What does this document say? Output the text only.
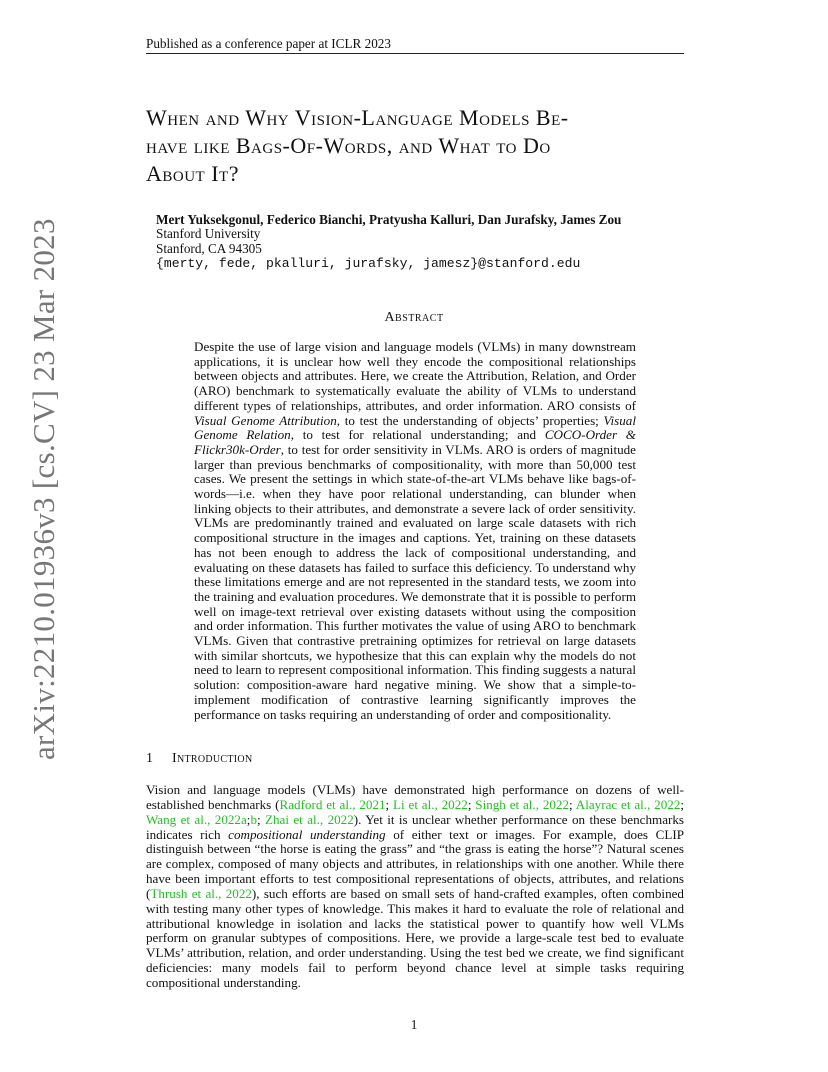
Published as a conference paper at ICLR 2023
arXiv:2210.01936v3 [cs.CV] 23 Mar 2023
When and Why Vision-Language Models Be-
have like Bags-Of-Words, and What to Do
About It?
Mert Yuksekgonul, Federico Bianchi, Pratyusha Kalluri, Dan Jurafsky, James Zou
Stanford University
Stanford, CA 94305
{merty, fede, pkalluri, jurafsky, jamesz}@stanford.edu
Abstract
Despite the use of large vision and language models (VLMs) in many downstream applications, it is unclear how well they encode the compositional relationships between objects and attributes. Here, we create the Attribution, Relation, and Order (ARO) benchmark to systematically evaluate the ability of VLMs to understand different types of relationships, attributes, and order information. ARO consists of Visual Genome Attribution, to test the understanding of objects’ properties; Visual Genome Relation, to test for relational understanding; and COCO-Order & Flickr30k-Order, to test for order sensitivity in VLMs. ARO is orders of magnitude larger than previous benchmarks of compositionality, with more than 50,000 test cases. We present the settings in which state-of-the-art VLMs behave like bags-of-words—i.e. when they have poor relational understanding, can blunder when linking objects to their attributes, and demonstrate a severe lack of order sensitivity. VLMs are predominantly trained and evaluated on large scale datasets with rich compositional structure in the images and captions. Yet, training on these datasets has not been enough to address the lack of compositional understanding, and evaluating on these datasets has failed to surface this deficiency. To understand why these limitations emerge and are not represented in the standard tests, we zoom into the training and evaluation procedures. We demonstrate that it is possible to perform well on image-text retrieval over existing datasets without using the composition and order information. This further motivates the value of using ARO to benchmark VLMs. Given that contrastive pretraining optimizes for retrieval on large datasets with similar shortcuts, we hypothesize that this can explain why the models do not need to learn to represent compositional information. This finding suggests a natural solution: composition-aware hard negative mining. We show that a simple-to-implement modification of contrastive learning significantly improves the performance on tasks requiring an understanding of order and compositionality.
1 Introduction
Vision and language models (VLMs) have demonstrated high performance on dozens of well-established benchmarks (Radford et al., 2021; Li et al., 2022; Singh et al., 2022; Alayrac et al., 2022; Wang et al., 2022a;b; Zhai et al., 2022). Yet it is unclear whether performance on these benchmarks indicates rich compositional understanding of either text or images. For example, does CLIP distinguish between “the horse is eating the grass” and “the grass is eating the horse”? Natural scenes are complex, composed of many objects and attributes, in relationships with one another. While there have been important efforts to test compositional representations of objects, attributes, and relations (Thrush et al., 2022), such efforts are based on small sets of hand-crafted examples, often combined with testing many other types of knowledge. This makes it hard to evaluate the role of relational and attributional knowledge in isolation and lacks the statistical power to quantify how well VLMs perform on granular subtypes of compositions. Here, we provide a large-scale test bed to evaluate VLMs’ attribution, relation, and order understanding. Using the test bed we create, we find significant deficiencies: many models fail to perform beyond chance level at simple tasks requiring compositional understanding.
1
